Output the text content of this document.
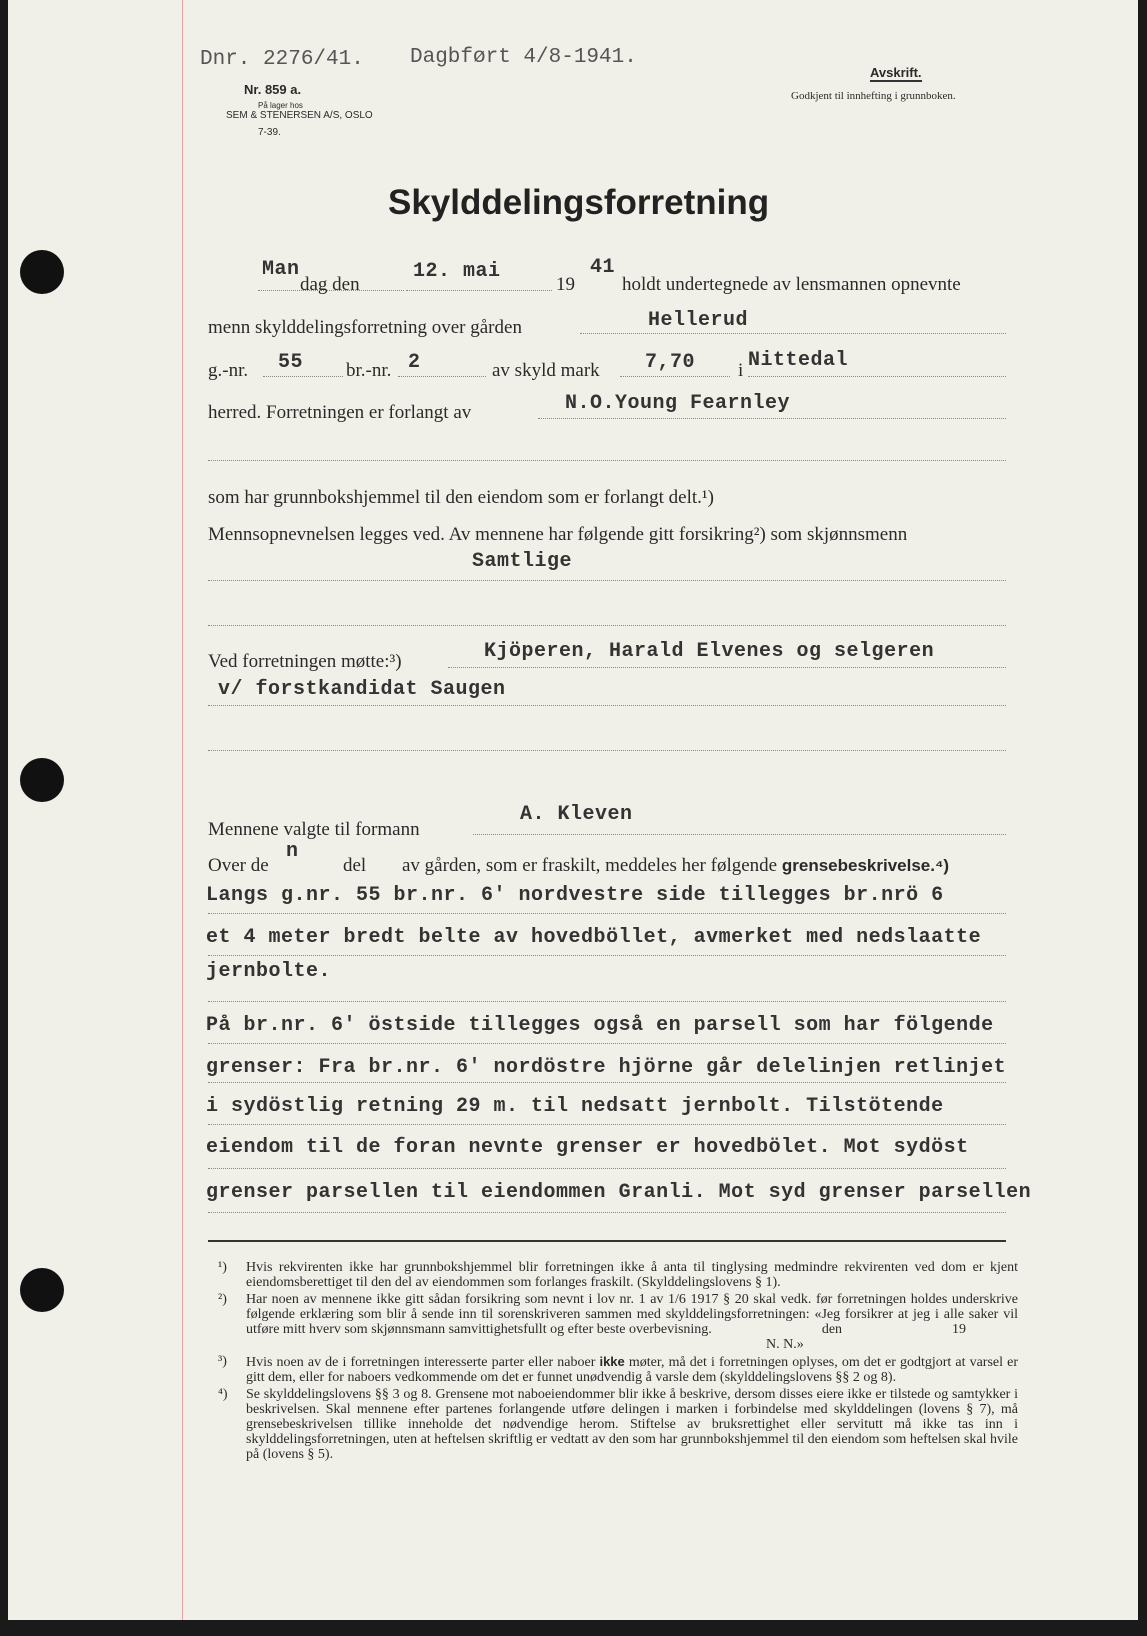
Dnr. 2276/41. Dagbført 4/8-1941.
Nr. 859 a.
På lager hos
SEM & STENERSEN A/S, OSLO
7-39.
Avskrift.
Godkjent til innhefting i grunnboken.
Skylddelingsforretning
Man
dag den
12. mai
19
41
holdt undertegnede av lensmannen opnevnte
menn skylddelingsforretning over gården	Hellerud
g.-nr. 55 br.-nr. 2	av skyld mark 7,70 i Nittedal
herred. Forretningen er forlangt av	N.O.Young Fearnley
som har grunnbokshjemmel til den eiendom som er forlangt delt.¹)
Mennsopnevnelsen legges ved. Av mennene har følgende gitt forsikring²) som skjønnsmenn
Samtlige
Ved forretningen møtte:³)	Kjöperen, Harald Elvenes og selgeren
v/ forstkandidat Saugen
A. Kleven
Mennene valgte til formann
Over de
n
del av gården, som er fraskilt, meddeles her følgende grensebeskrivelse.⁴)
Langs g.nr. 55 br.nr. 6' nordvestre side tillegges br.nrö 6
et 4 meter bredt belte av hovedböllet, avmerket med nedslaatte
jernbolte.
På br.nr. 6' östside tillegges også en parsell som har fölgende
grenser: Fra br.nr. 6' nordöstre hjörne går delelinjen retlinjet
i sydöstlig retning 29 m. til nedsatt jernbolt. Tilstötende
eiendom til de foran nevnte grenser er hovedbölet. Mot sydöst
grenser parsellen til eiendommen Granli. Mot syd grenser parsellen

¹) Hvis rekvirenten ikke har grunnbokshjemmel blir forretningen ikke å anta til tinglysing medmindre rekvirenten ved dom er kjent eiendomsberettiget til den del av eiendommen som forlanges fraskilt. (Skylddelingslovens § 1).

²) Har noen av mennene ikke gitt sådan forsikring som nevnt i lov nr. 1 av 1/6 1917 § 20 skal vedk. før forretningen holdes underskrive følgende erklæring som blir å sende inn til sorenskriveren sammen med skylddelingsforretningen: «Jeg forsikrer at jeg i alle saker vil utføre mitt hverv som skjønnsmann samvittighetsfullt og efter beste overbevisning.	den	19
N. N.»

³) Hvis noen av de i forretningen interesserte parter eller naboer ikke møter, må det i forretningen oplyses, om det er godtgjort at varsel er gitt dem, eller for naboers vedkommende om det er funnet unødvendig å varsle dem (skylddelingslovens §§ 2 og 8).

⁴) Se skylddelingslovens §§ 3 og 8. Grensene mot naboeiendommer blir ikke å beskrive, dersom disses eiere ikke er tilstede og samtykker i beskrivelsen. Skal mennene efter partenes forlangende utføre delingen i marken i forbindelse med skylddelingen (lovens § 7), må grensebeskrivelsen tillike inneholde det nødvendige herom. Stiftelse av bruksrettighet eller servitutt må ikke tas inn i skylddelingsforretningen, uten at heftelsen skriftlig er vedtatt av den som har grunnbokshjemmel til den eiendom som heftelsen skal hvile på (lovens § 5).
